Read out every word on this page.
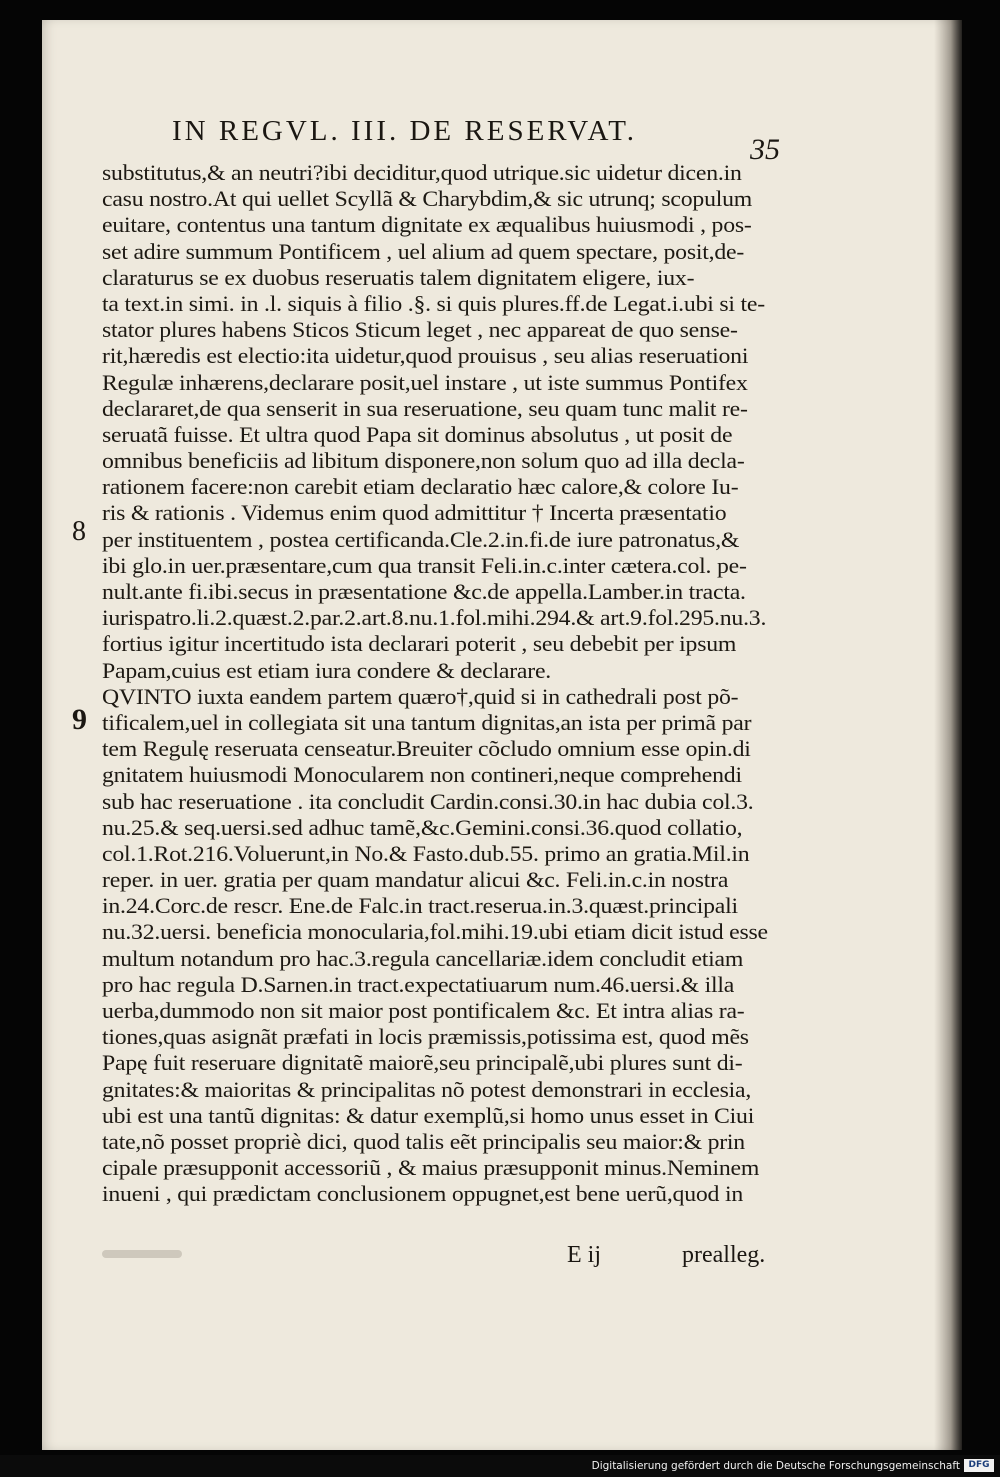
IN REGVL. III. DE RESERVAT.
35
8
9
substitutus,& an neutri?ibi deciditur,quod utrique.sic uidetur dicen.in
casu nostro.At qui uellet Scyllã & Charybdim,& sic utrunq; scopulum
euitare, contentus una tantum dignitate ex æqualibus huiusmodi , pos-
set adire summum Pontificem , uel alium ad quem spectare, posit,de-
claraturus se ex duobus reseruatis talem dignitatem eligere, iux-
ta text.in simi. in .l. siquis à filio .§. si quis plures.ff.de Legat.i.ubi si te-
stator plures habens Sticos Sticum leget , nec appareat de quo sense-
rit,hæredis est electio:ita uidetur,quod prouisus , seu alias reseruationi
Regulæ inhærens,declarare posit,uel instare , ut iste summus Pontifex
declararet,de qua senserit in sua reseruatione, seu quam tunc malit re-
seruatã fuisse. Et ultra quod Papa sit dominus absolutus , ut posit de
omnibus beneficiis ad libitum disponere,non solum quo ad illa decla-
rationem facere:non carebit etiam declaratio hæc calore,& colore Iu-
ris & rationis . Videmus enim quod admittitur † Incerta præsentatio
per instituentem , postea certificanda.Cle.2.in.fi.de iure patronatus,&
ibi glo.in uer.præsentare,cum qua transit Feli.in.c.inter cætera.col. pe-
nult.ante fi.ibi.secus in præsentatione &c.de appella.Lamber.in tracta.
iurispatro.li.2.quæst.2.par.2.art.8.nu.1.fol.mihi.294.& art.9.fol.295.nu.3.
fortius igitur incertitudo ista declarari poterit , seu debebit per ipsum
Papam,cuius est etiam iura condere & declarare.
QVINTO iuxta eandem partem quæro†,quid si in cathedrali post põ-
tificalem,uel in collegiata sit una tantum dignitas,an ista per primã par
tem Regulę reseruata censeatur.Breuiter cõcludo omnium esse opin.di
gnitatem huiusmodi Monocularem non contineri,neque comprehendi
sub hac reseruatione . ita concludit Cardin.consi.30.in hac dubia col.3.
nu.25.& seq.uersi.sed adhuc tamẽ,&c.Gemini.consi.36.quod collatio,
col.1.Rot.216.Voluerunt,in No.& Fasto.dub.55. primo an gratia.Mil.in
reper. in uer. gratia per quam mandatur alicui &c. Feli.in.c.in nostra
in.24.Corc.de rescr. Ene.de Falc.in tract.reserua.in.3.quæst.principali
nu.32.uersi. beneficia monocularia,fol.mihi.19.ubi etiam dicit istud esse
multum notandum pro hac.3.regula cancellariæ.idem concludit etiam
pro hac regula D.Sarnen.in tract.expectatiuarum num.46.uersi.& illa
uerba,dummodo non sit maior post pontificalem &c. Et intra alias ra-
tiones,quas asignãt præfati in locis præmissis,potissima est, quod mẽs
Papę fuit reseruare dignitatẽ maiorẽ,seu principalẽ,ubi plures sunt di-
gnitates:& maioritas & principalitas nõ potest demonstrari in ecclesia,
ubi est una tantũ dignitas: & datur exemplũ,si homo unus esset in Ciui
tate,nõ posset propriè dici, quod talis eẽt principalis seu maior:& prin
cipale præsupponit accessoriũ , & maius præsupponit minus.Neminem
inueni , qui prædictam conclusionem oppugnet,est bene uerũ,quod in
E ij	prealleg.
Digitalisierung gefördert durch die Deutsche Forschungsgemeinschaft DFG
